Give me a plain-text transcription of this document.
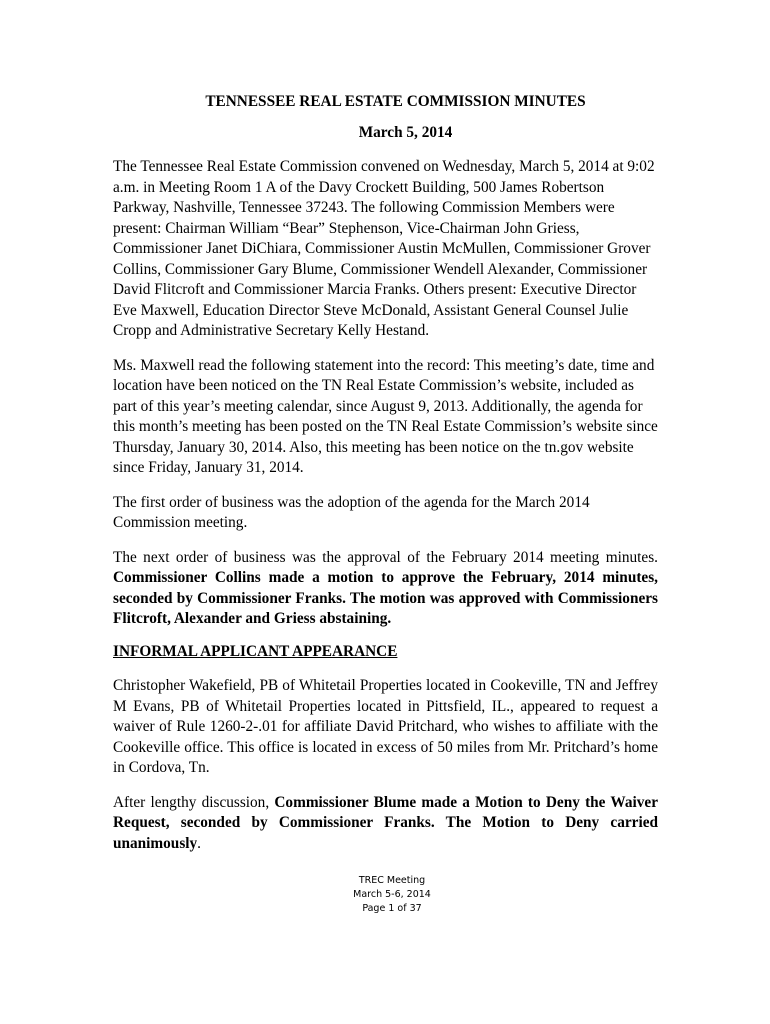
TENNESSEE REAL ESTATE COMMISSION MINUTES

March 5, 2014

The Tennessee Real Estate Commission convened on Wednesday, March 5, 2014 at 9:02 a.m. in Meeting Room 1 A of the Davy Crockett Building, 500 James Robertson Parkway, Nashville, Tennessee 37243. The following Commission Members were present: Chairman William “Bear” Stephenson, Vice-Chairman John Griess, Commissioner Janet DiChiara, Commissioner Austin McMullen, Commissioner Grover Collins, Commissioner Gary Blume, Commissioner Wendell Alexander, Commissioner David Flitcroft and Commissioner Marcia Franks. Others present: Executive Director Eve Maxwell, Education Director Steve McDonald, Assistant General Counsel Julie Cropp and Administrative Secretary Kelly Hestand.

Ms. Maxwell read the following statement into the record: This meeting’s date, time and location have been noticed on the TN Real Estate Commission’s website, included as part of this year’s meeting calendar, since August 9, 2013. Additionally, the agenda for this month’s meeting has been posted on the TN Real Estate Commission’s website since Thursday, January 30, 2014. Also, this meeting has been notice on the tn.gov website since Friday, January 31, 2014.

The first order of business was the adoption of the agenda for the March 2014 Commission meeting.

The next order of business was the approval of the February 2014 meeting minutes. Commissioner Collins made a motion to approve the February, 2014 minutes, seconded by Commissioner Franks. The motion was approved with Commissioners Flitcroft, Alexander and Griess abstaining.

INFORMAL APPLICANT APPEARANCE

Christopher Wakefield, PB of Whitetail Properties located in Cookeville, TN and Jeffrey M Evans, PB of Whitetail Properties located in Pittsfield, IL., appeared to request a waiver of Rule 1260-2-.01 for affiliate David Pritchard, who wishes to affiliate with the Cookeville office. This office is located in excess of 50 miles from Mr. Pritchard’s home in Cordova, Tn.

After lengthy discussion, Commissioner Blume made a Motion to Deny the Waiver Request, seconded by Commissioner Franks. The Motion to Deny carried unanimously.

TREC Meeting
March 5-6, 2014
Page 1 of 37
